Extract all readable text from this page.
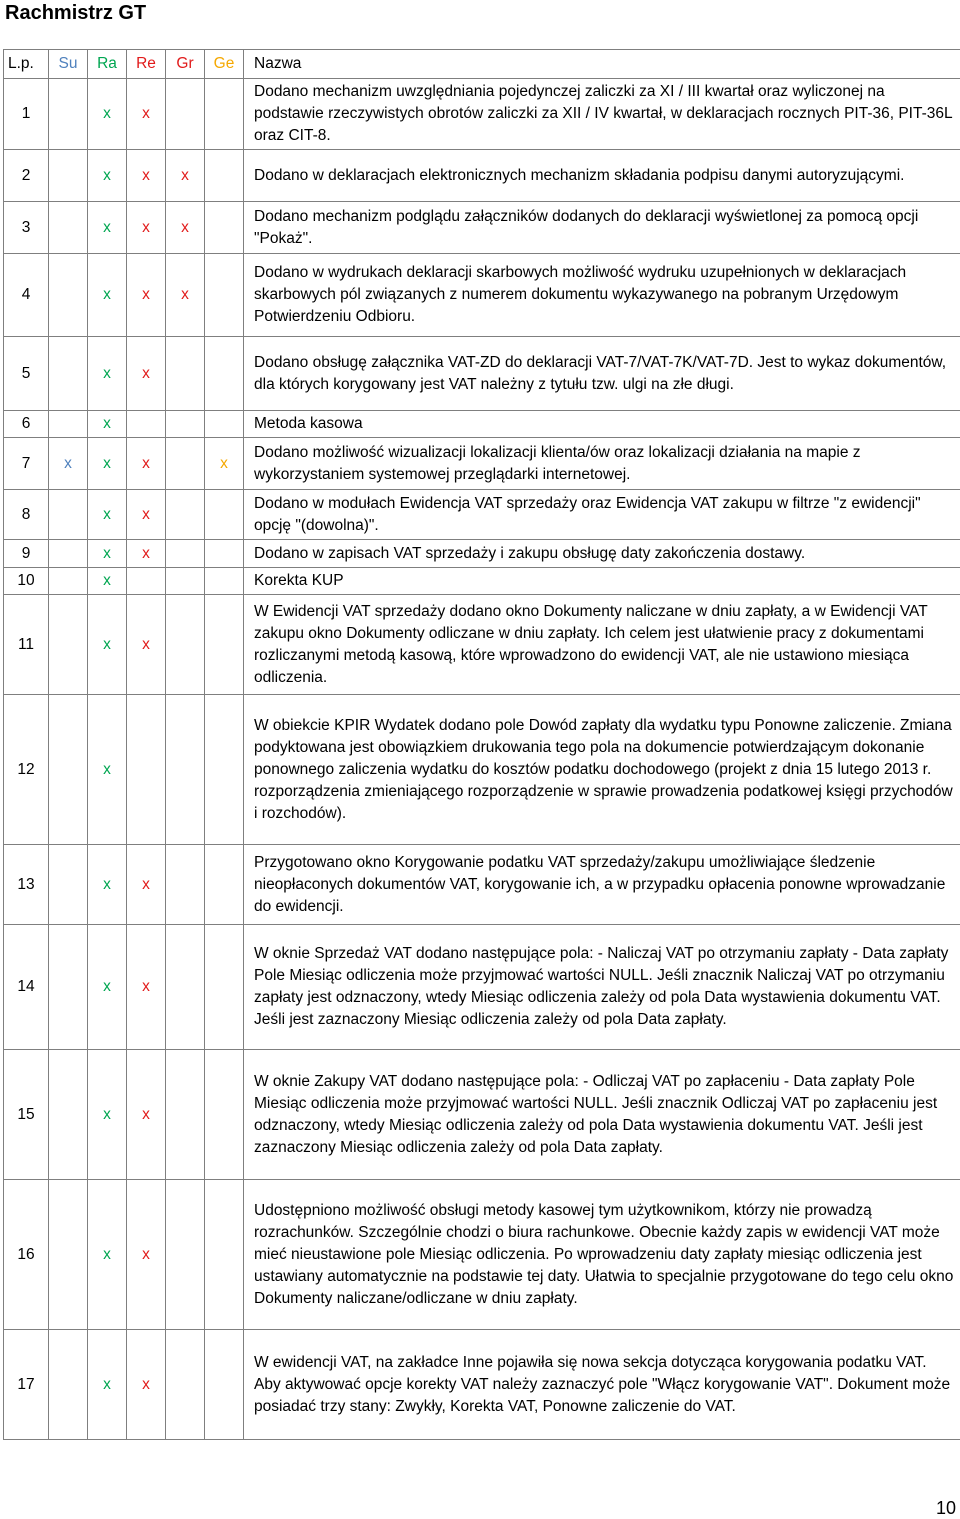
Rachmistrz GT
L.p.	Su	Ra	Re	Gr	Ge	Nazwa
1		x	x			Dodano mechanizm uwzględniania pojedynczej zaliczki za XI / III kwartał oraz wyliczonej na podstawie rzeczywistych obrotów zaliczki za XII / IV kwartał, w deklaracjach rocznych PIT-36, PIT-36L oraz CIT-8.

2		x	x	x		Dodano w deklaracjach elektronicznych mechanizm składania podpisu danymi autoryzującymi.

3		x	x	x		Dodano mechanizm podglądu załączników dodanych do deklaracji wyświetlonej za pomocą opcji "Pokaż".

4		x	x	x		Dodano w wydrukach deklaracji skarbowych możliwość wydruku uzupełnionych w deklaracjach skarbowych pól związanych z numerem dokumentu wykazywanego na pobranym Urzędowym Potwierdzeniu Odbioru.

5		x	x			Dodano obsługę załącznika VAT-ZD do deklaracji VAT-7/VAT-7K/VAT-7D. Jest to wykaz dokumentów, dla których korygowany jest VAT należny z tytułu tzw. ulgi na złe długi.

6		x				Metoda kasowa

7	x	x	x		x	Dodano możliwość wizualizacji lokalizacji klienta/ów oraz lokalizacji działania na mapie z wykorzystaniem systemowej przeglądarki internetowej.

8		x	x			Dodano w modułach Ewidencja VAT sprzedaży oraz Ewidencja VAT zakupu w filtrze "z ewidencji" opcję "(dowolna)".

9		x	x			Dodano w zapisach VAT sprzedaży i zakupu obsługę daty zakończenia dostawy.

10		x				Korekta KUP

11		x	x			W Ewidencji VAT sprzedaży dodano okno Dokumenty naliczane w dniu zapłaty, a w Ewidencji VAT zakupu okno Dokumenty odliczane w dniu zapłaty. Ich celem jest ułatwienie pracy z dokumentami rozliczanymi metodą kasową, które wprowadzono do ewidencji VAT, ale nie ustawiono miesiąca odliczenia.

12		x				W obiekcie KPIR Wydatek dodano pole Dowód zapłaty dla wydatku typu Ponowne zaliczenie. Zmiana podyktowana jest obowiązkiem drukowania tego pola na dokumencie potwierdzającym dokonanie ponownego zaliczenia wydatku do kosztów podatku dochodowego (projekt z dnia 15 lutego 2013 r. rozporządzenia zmieniającego rozporządzenie w sprawie prowadzenia podatkowej księgi przychodów i rozchodów).

13		x	x			Przygotowano okno Korygowanie podatku VAT sprzedaży/zakupu umożliwiające śledzenie nieopłaconych dokumentów VAT, korygowanie ich, a w przypadku opłacenia ponowne wprowadzanie do ewidencji.

14		x	x			W oknie Sprzedaż VAT dodano następujące pola: - Naliczaj VAT po otrzymaniu zapłaty - Data zapłaty Pole Miesiąc odliczenia może przyjmować wartości NULL. Jeśli znacznik Naliczaj VAT po otrzymaniu zapłaty jest odznaczony, wtedy Miesiąc odliczenia zależy od pola Data wystawienia dokumentu VAT. Jeśli jest zaznaczony Miesiąc odliczenia zależy od pola Data zapłaty.

15		x	x			W oknie Zakupy VAT dodano następujące pola: - Odliczaj VAT po zapłaceniu - Data zapłaty Pole Miesiąc odliczenia może przyjmować wartości NULL. Jeśli znacznik Odliczaj VAT po zapłaceniu jest odznaczony, wtedy Miesiąc odliczenia zależy od pola Data wystawienia dokumentu VAT. Jeśli jest zaznaczony Miesiąc odliczenia zależy od pola Data zapłaty.

16		x	x			Udostępniono możliwość obsługi metody kasowej tym użytkownikom, którzy nie prowadzą rozrachunków. Szczególnie chodzi o biura rachunkowe. Obecnie każdy zapis w ewidencji VAT może mieć nieustawione pole Miesiąc odliczenia. Po wprowadzeniu daty zapłaty miesiąc odliczenia jest ustawiany automatycznie na podstawie tej daty. Ułatwia to specjalnie przygotowane do tego celu okno Dokumenty naliczane/odliczane w dniu zapłaty.

17		x	x			W ewidencji VAT, na zakładce Inne pojawiła się nowa sekcja dotycząca korygowania podatku VAT. Aby aktywować opcje korekty VAT należy zaznaczyć pole "Włącz korygowanie VAT". Dokument może posiadać trzy stany: Zwykły, Korekta VAT, Ponowne zaliczenie do VAT.
10
